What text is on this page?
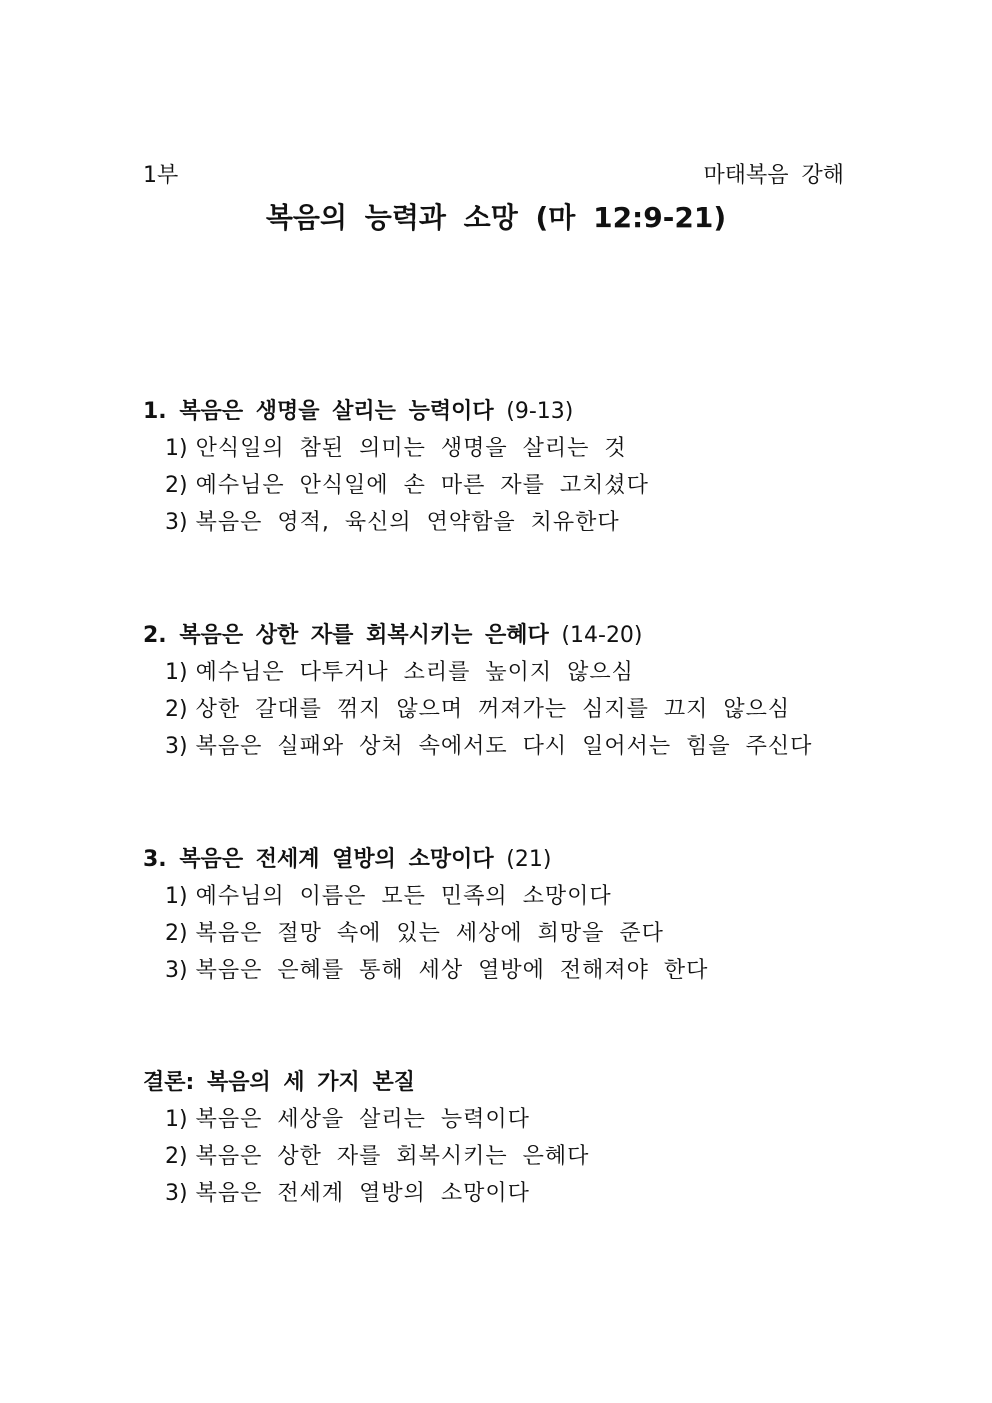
1부	마태복음 강해
복음의 능력과 소망 (마 12:9-21)
1. 복음은 생명을 살리는 능력이다 (9-13)
1) 안식일의 참된 의미는 생명을 살리는 것
2) 예수님은 안식일에 손 마른 자를 고치셨다
3) 복음은 영적, 육신의 연약함을 치유한다
2. 복음은 상한 자를 회복시키는 은혜다 (14-20)
1) 예수님은 다투거나 소리를 높이지 않으심
2) 상한 갈대를 꺾지 않으며 꺼져가는 심지를 끄지 않으심
3) 복음은 실패와 상처 속에서도 다시 일어서는 힘을 주신다
3. 복음은 전세계 열방의 소망이다 (21)
1) 예수님의 이름은 모든 민족의 소망이다
2) 복음은 절망 속에 있는 세상에 희망을 준다
3) 복음은 은혜를 통해 세상 열방에 전해져야 한다
결론: 복음의 세 가지 본질
1) 복음은 세상을 살리는 능력이다
2) 복음은 상한 자를 회복시키는 은혜다
3) 복음은 전세계 열방의 소망이다
